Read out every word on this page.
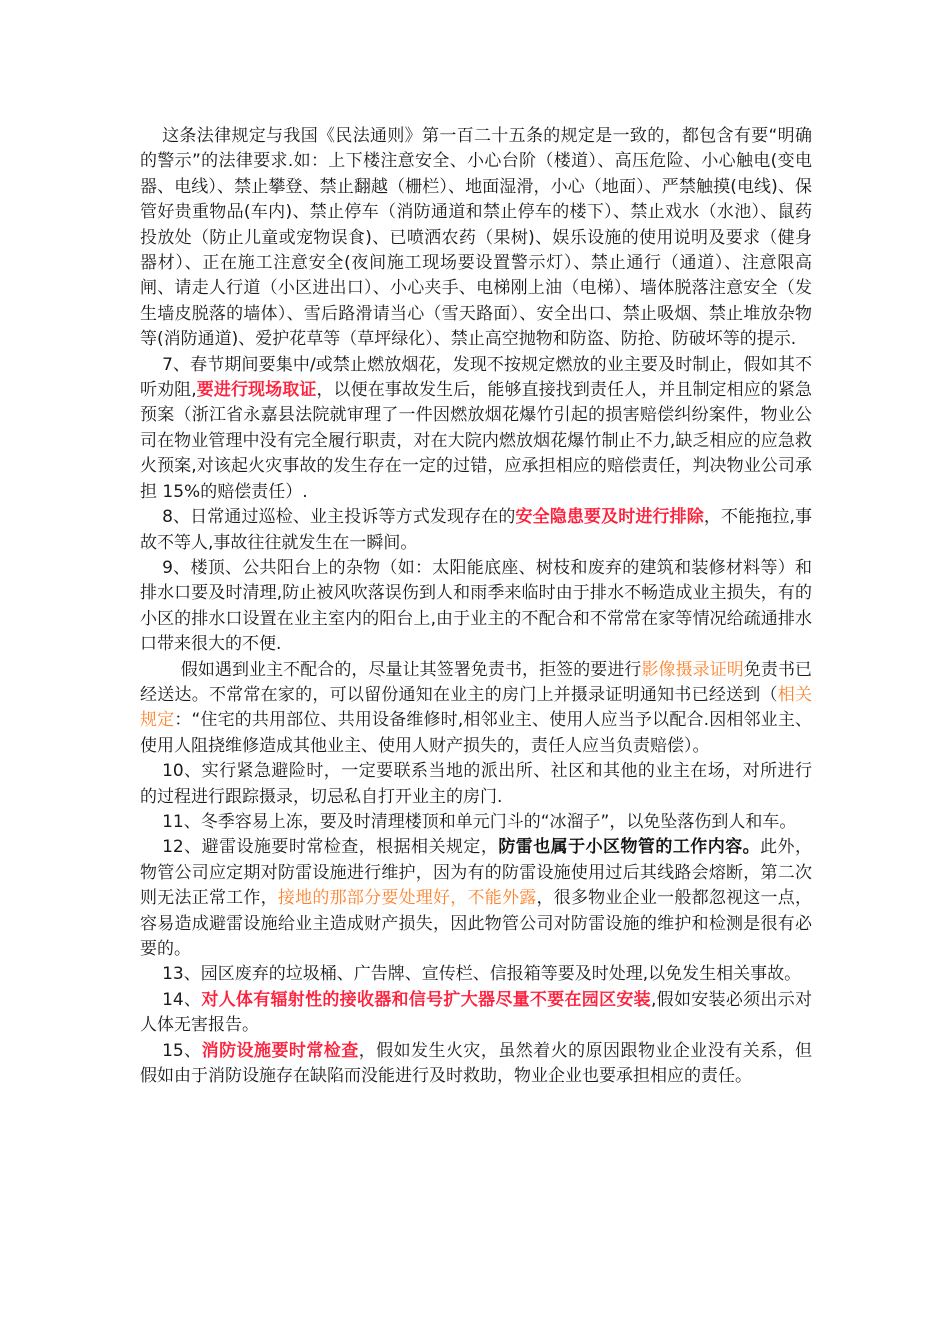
这条法律规定与我国《民法通则》第一百二十五条的规定是一致的，都包含有要“明确的警示”的法律要求.如：上下楼注意安全、小心台阶（楼道）、高压危险、小心触电(变电器、电线）、禁止攀登、禁止翻越（栅栏）、地面湿滑，小心（地面）、严禁触摸(电线)、保管好贵重物品(车内)、禁止停车（消防通道和禁止停车的楼下）、禁止戏水（水池）、鼠药投放处（防止儿童或宠物误食)、已喷洒农药（果树)、娱乐设施的使用说明及要求（健身器材）、正在施工注意安全(夜间施工现场要设置警示灯）、禁止通行（通道）、注意限高闸、请走人行道（小区进出口）、小心夹手、电梯刚上油（电梯）、墙体脱落注意安全（发生墙皮脱落的墙体）、雪后路滑请当心（雪天路面）、安全出口、禁止吸烟、禁止堆放杂物等(消防通道)、爱护花草等（草坪绿化）、禁止高空抛物和防盗、防抢、防破坏等的提示.

7、春节期间要集中/或禁止燃放烟花，发现不按规定燃放的业主要及时制止，假如其不听劝阻,要进行现场取证，以便在事故发生后，能够直接找到责任人，并且制定相应的紧急预案（浙江省永嘉县法院就审理了一件因燃放烟花爆竹引起的损害赔偿纠纷案件，物业公司在物业管理中没有完全履行职责，对在大院内燃放烟花爆竹制止不力,缺乏相应的应急救火预案,对该起火灾事故的发生存在一定的过错，应承担相应的赔偿责任，判决物业公司承担 15%的赔偿责任）.

8、日常通过巡检、业主投诉等方式发现存在的安全隐患要及时进行排除，不能拖拉,事故不等人,事故往往就发生在一瞬间。

9、楼顶、公共阳台上的杂物（如：太阳能底座、树枝和废弃的建筑和装修材料等）和排水口要及时清理,防止被风吹落误伤到人和雨季来临时由于排水不畅造成业主损失，有的小区的排水口设置在业主室内的阳台上,由于业主的不配合和不常常在家等情况给疏通排水口带来很大的不便.

假如遇到业主不配合的，尽量让其签署免责书，拒签的要进行影像摄录证明免责书已经送达。不常常在家的，可以留份通知在业主的房门上并摄录证明通知书已经送到（相关规定：“住宅的共用部位、共用设备维修时,相邻业主、使用人应当予以配合.因相邻业主、使用人阻挠维修造成其他业主、使用人财产损失的，责任人应当负责赔偿）。

10、实行紧急避险时，一定要联系当地的派出所、社区和其他的业主在场，对所进行的过程进行跟踪摄录，切忌私自打开业主的房门.

11、冬季容易上冻，要及时清理楼顶和单元门斗的“冰溜子”，以免坠落伤到人和车。

12、避雷设施要时常检查，根据相关规定，防雷也属于小区物管的工作内容。此外，物管公司应定期对防雷设施进行维护，因为有的防雷设施使用过后其线路会熔断，第二次则无法正常工作，接地的那部分要处理好，不能外露，很多物业企业一般都忽视这一点，容易造成避雷设施给业主造成财产损失，因此物管公司对防雷设施的维护和检测是很有必要的。

13、园区废弃的垃圾桶、广告牌、宣传栏、信报箱等要及时处理,以免发生相关事故。

14、对人体有辐射性的接收器和信号扩大器尽量不要在园区安装,假如安装必须出示对人体无害报告。

15、消防设施要时常检查，假如发生火灾，虽然着火的原因跟物业企业没有关系，但假如由于消防设施存在缺陷而没能进行及时救助，物业企业也要承担相应的责任。
